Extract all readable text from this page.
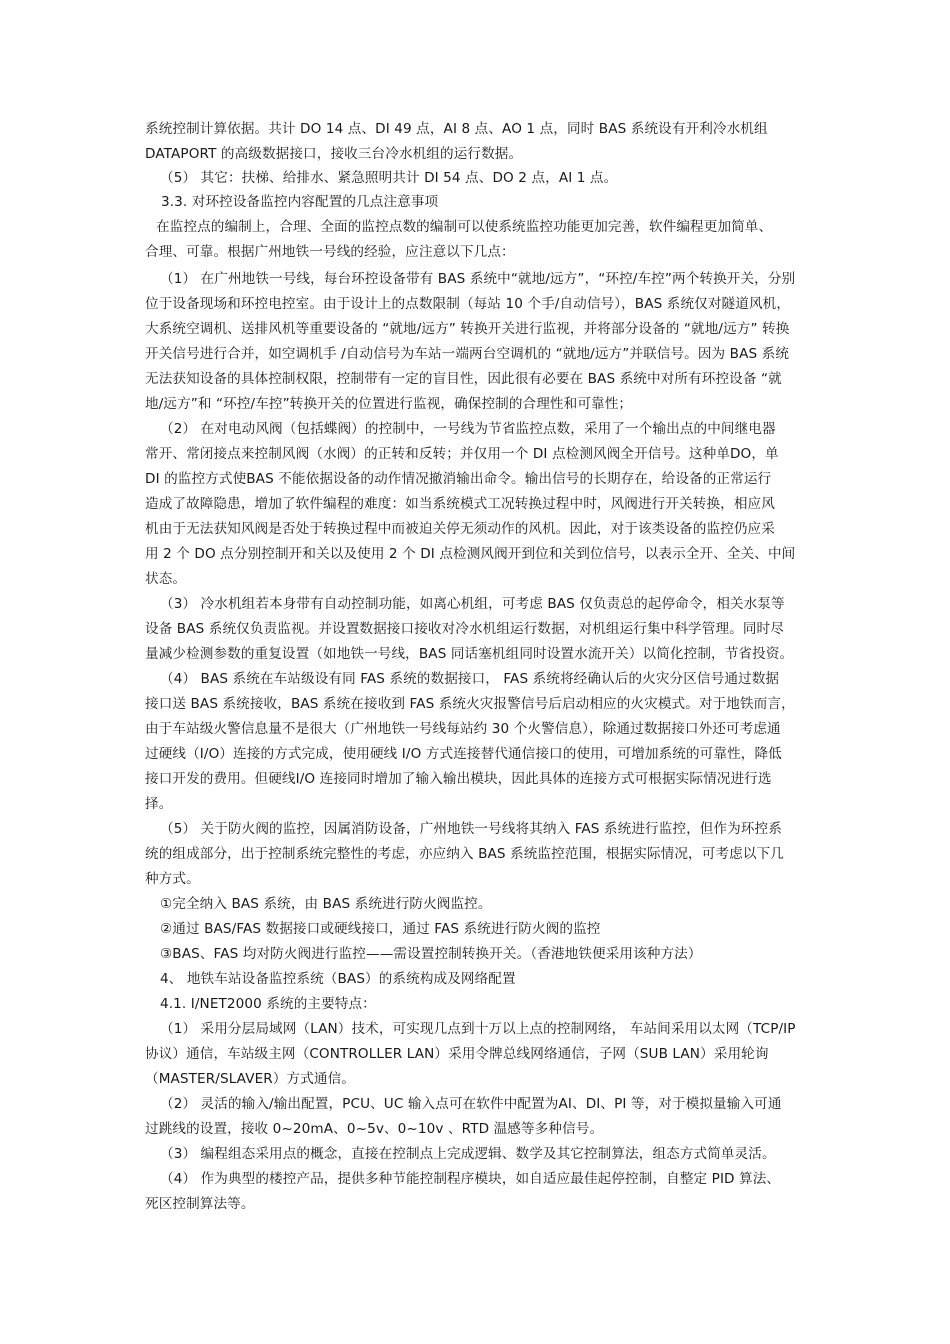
系统控制计算依据。共计 DO 14 点、DI 49 点，AI 8 点、AO 1 点，同时 BAS 系统设有开利冷水机组
DATAPORT 的高级数据接口，接收三台冷水机组的运行数据。
（5） 其它：扶梯、给排水、紧急照明共计 DI 54 点、DO 2 点，AI 1 点。
3.3. 对环控设备监控内容配置的几点注意事项
在监控点的编制上，合理、全面的监控点数的编制可以使系统监控功能更加完善，软件编程更加简单、
合理、可靠。根据广州地铁一号线的经验，应注意以下几点：
（1） 在广州地铁一号线，每台环控设备带有 BAS 系统中“就地/远方”，“环控/车控”两个转换开关，分别
位于设备现场和环控电控室。由于设计上的点数限制（每站 10 个手/自动信号），BAS 系统仅对隧道风机，
大系统空调机、送排风机等重要设备的 “就地/远方” 转换开关进行监视，并将部分设备的 “就地/远方” 转换
开关信号进行合并，如空调机手 /自动信号为车站一端两台空调机的 “就地/远方”并联信号。因为 BAS 系统
无法获知设备的具体控制权限，控制带有一定的盲目性，因此很有必要在 BAS 系统中对所有环控设备 “就
地/远方”和 “环控/车控”转换开关的位置进行监视，确保控制的合理性和可靠性；
（2） 在对电动风阀（包括蝶阀）的控制中，一号线为节省监控点数，采用了一个输出点的中间继电器
常开、常闭接点来控制风阀（水阀）的正转和反转；并仅用一个 DI 点检测风阀全开信号。这种单DO，单
DI 的监控方式使BAS 不能依据设备的动作情况撤消输出命令。输出信号的长期存在，给设备的正常运行
造成了故障隐患，增加了软件编程的难度：如当系统模式工况转换过程中时，风阀进行开关转换，相应风
机由于无法获知风阀是否处于转换过程中而被迫关停无须动作的风机。因此，对于该类设备的监控仍应采
用 2 个 DO 点分别控制开和关以及使用 2 个 DI 点检测风阀开到位和关到位信号，以表示全开、全关、中间
状态。
（3） 冷水机组若本身带有自动控制功能，如离心机组，可考虑 BAS 仅负责总的起停命令，相关水泵等
设备 BAS 系统仅负责监视。并设置数据接口接收对冷水机组运行数据，对机组运行集中科学管理。同时尽
量减少检测参数的重复设置（如地铁一号线，BAS 同话塞机组同时设置水流开关）以简化控制，节省投资。
（4） BAS 系统在车站级设有同 FAS 系统的数据接口， FAS 系统将经确认后的火灾分区信号通过数据
接口送 BAS 系统接收，BAS 系统在接收到 FAS 系统火灾报警信号后启动相应的火灾模式。对于地铁而言，
由于车站级火警信息量不是很大（广州地铁一号线每站约 30 个火警信息），除通过数据接口外还可考虑通
过硬线（I/O）连接的方式完成，使用硬线 I/O 方式连接替代通信接口的使用，可增加系统的可靠性，降低
接口开发的费用。但硬线I/O 连接同时增加了输入输出模块，因此具体的连接方式可根据实际情况进行选
择。
（5） 关于防火阀的监控，因属消防设备，广州地铁一号线将其纳入 FAS 系统进行监控，但作为环控系
统的组成部分，出于控制系统完整性的考虑，亦应纳入 BAS 系统监控范围，根据实际情况，可考虑以下几
种方式。
①完全纳入 BAS 系统，由 BAS 系统进行防火阀监控。
②通过 BAS/FAS 数据接口或硬线接口，通过 FAS 系统进行防火阀的监控
③BAS、FAS 均对防火阀进行监控——需设置控制转换开关。（香港地铁便采用该种方法）
4、 地铁车站设备监控系统（BAS）的系统构成及网络配置
4.1. I/NET2000 系统的主要特点：
（1） 采用分层局域网（LAN）技术，可实现几点到十万以上点的控制网络， 车站间采用以太网（TCP/IP
协议）通信，车站级主网（CONTROLLER LAN）采用令牌总线网络通信，子网（SUB LAN）采用轮询
（MASTER/SLAVER）方式通信。
（2） 灵活的输入/输出配置，PCU、UC 输入点可在软件中配置为AI、DI、PI 等，对于模拟量输入可通
过跳线的设置，接收 0~20mA、0~5v、0~10v 、RTD 温感等多种信号。
（3） 编程组态采用点的概念，直接在控制点上完成逻辑、数学及其它控制算法，组态方式简单灵活。
（4） 作为典型的楼控产品，提供多种节能控制程序模块，如自适应最佳起停控制，自整定 PID 算法、
死区控制算法等。
